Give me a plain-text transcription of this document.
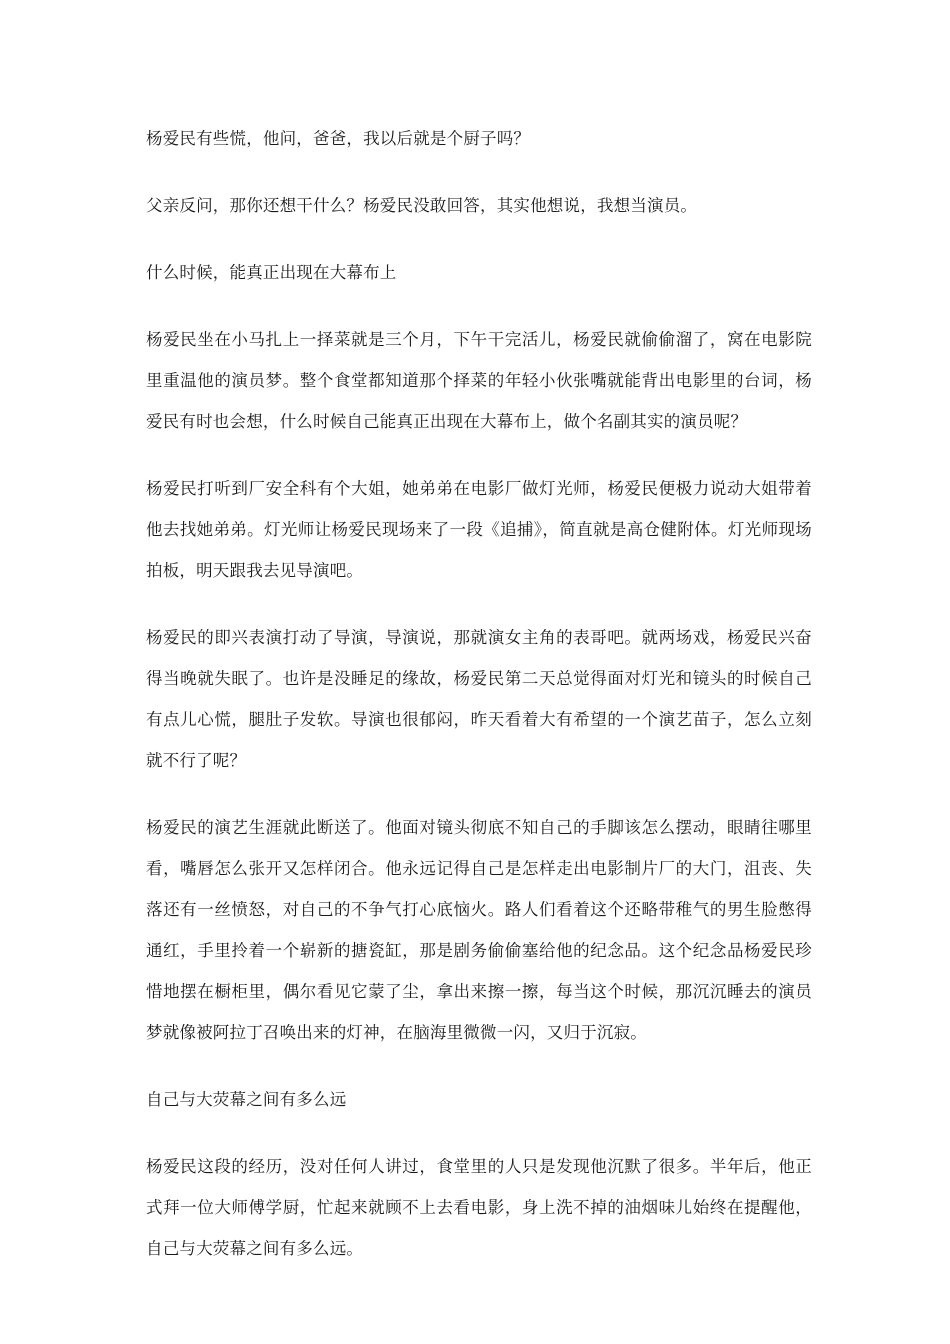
杨爱民有些慌，他问，爸爸，我以后就是个厨子吗？

父亲反问，那你还想干什么？杨爱民没敢回答，其实他想说，我想当演员。

什么时候，能真正出现在大幕布上

杨爱民坐在小马扎上一择菜就是三个月，下午干完活儿，杨爱民就偷偷溜了，窝在电影院里重温他的演员梦。整个食堂都知道那个择菜的年轻小伙张嘴就能背出电影里的台词，杨爱民有时也会想，什么时候自己能真正出现在大幕布上，做个名副其实的演员呢？

杨爱民打听到厂安全科有个大姐，她弟弟在电影厂做灯光师，杨爱民便极力说动大姐带着他去找她弟弟。灯光师让杨爱民现场来了一段《追捕》，简直就是高仓健附体。灯光师现场拍板，明天跟我去见导演吧。

杨爱民的即兴表演打动了导演，导演说，那就演女主角的表哥吧。就两场戏，杨爱民兴奋得当晚就失眠了。也许是没睡足的缘故，杨爱民第二天总觉得面对灯光和镜头的时候自己有点儿心慌，腿肚子发软。导演也很郁闷，昨天看着大有希望的一个演艺苗子，怎么立刻就不行了呢？

杨爱民的演艺生涯就此断送了。他面对镜头彻底不知自己的手脚该怎么摆动，眼睛往哪里看，嘴唇怎么张开又怎样闭合。他永远记得自己是怎样走出电影制片厂的大门，沮丧、失落还有一丝愤怒，对自己的不争气打心底恼火。路人们看着这个还略带稚气的男生脸憋得通红，手里拎着一个崭新的搪瓷缸，那是剧务偷偷塞给他的纪念品。这个纪念品杨爱民珍惜地摆在橱柜里，偶尔看见它蒙了尘，拿出来擦一擦，每当这个时候，那沉沉睡去的演员梦就像被阿拉丁召唤出来的灯神，在脑海里微微一闪，又归于沉寂。

自己与大荧幕之间有多么远

杨爱民这段的经历，没对任何人讲过，食堂里的人只是发现他沉默了很多。半年后，他正式拜一位大师傅学厨，忙起来就顾不上去看电影，身上洗不掉的油烟味儿始终在提醒他，自己与大荧幕之间有多么远。
